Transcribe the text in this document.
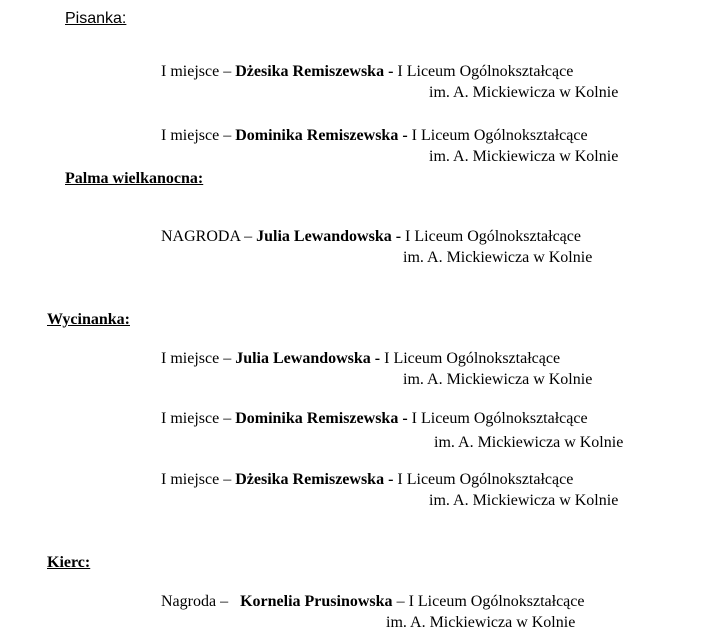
Pisanka:
I miejsce – Dżesika Remiszewska - I Liceum Ogólnokształcące
im. A. Mickiewicza w Kolnie
I miejsce – Dominika Remiszewska - I Liceum Ogólnokształcące
im. A. Mickiewicza w Kolnie
Palma wielkanocna:
NAGRODA – Julia Lewandowska - I Liceum Ogólnokształcące
im. A. Mickiewicza w Kolnie
Wycinanka:
I miejsce – Julia Lewandowska - I Liceum Ogólnokształcące
im. A. Mickiewicza w Kolnie
I miejsce – Dominika Remiszewska - I Liceum Ogólnokształcące
im. A. Mickiewicza w Kolnie
I miejsce – Dżesika Remiszewska - I Liceum Ogólnokształcące
im. A. Mickiewicza w Kolnie
Kierc:
Nagroda – Kornelia Prusinowska – I Liceum Ogólnokształcące
im. A. Mickiewicza w Kolnie
